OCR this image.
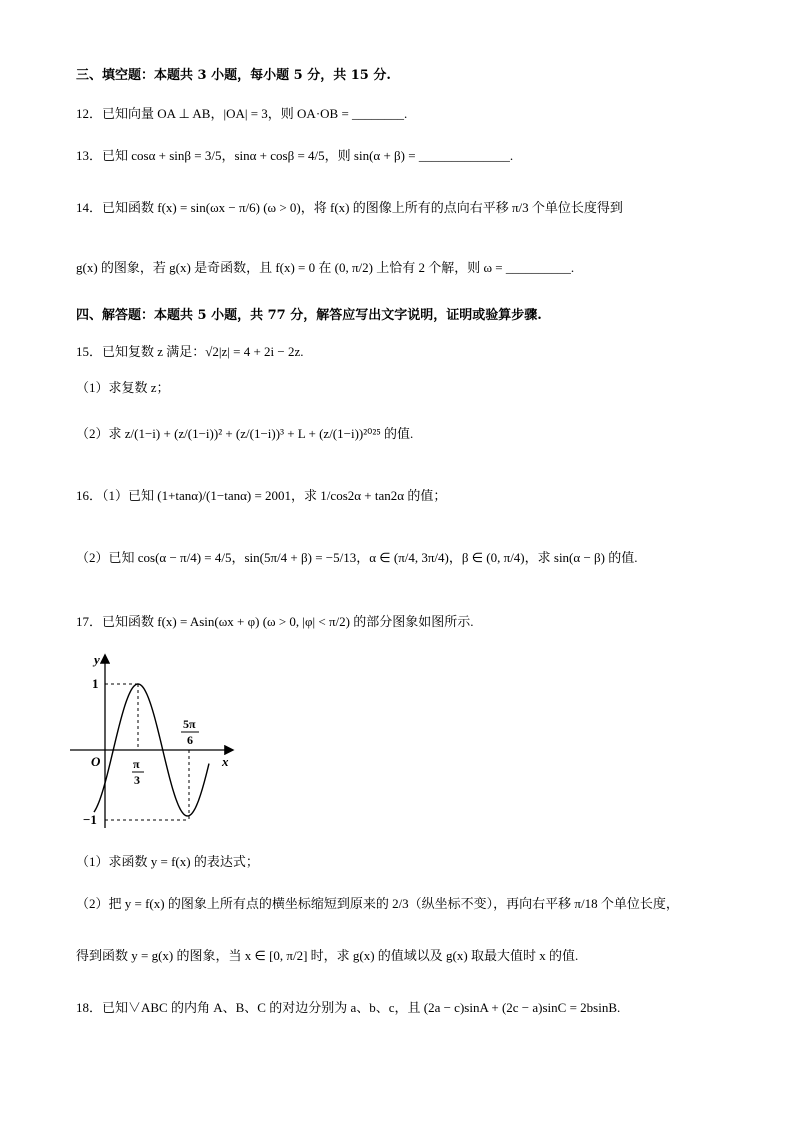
三、填空题：本题共 3 小题，每小题 5 分，共 15 分.
12．已知向量 OA ⊥ AB，|OA| = 3，则 OA·OB = ________.
13．已知 cosα + sinβ = 3/5，sinα + cosβ = 4/5，则 sin(α + β) = ______________.
14．已知函数 f(x) = sin(ωx − π/6) (ω > 0)，将 f(x) 的图像上所有的点向右平移 π/3 个单位长度得到
g(x) 的图象，若 g(x) 是奇函数，且 f(x) = 0 在 (0, π/2) 上恰有 2 个解，则 ω = __________.
四、解答题：本题共 5 小题，共 77 分，解答应写出文字说明，证明或验算步骤.
15．已知复数 z 满足：√2|z| = 4 + 2i − 2z.
（1）求复数 z；
（2）求 z/(1−i) + (z/(1−i))² + (z/(1−i))³ + L + (z/(1−i))²⁰²⁵ 的值.
16．（1）已知 (1+tanα)/(1−tanα) = 2001，求 1/cos2α + tan2α 的值；
（2）已知 cos(α − π/4) = 4/5，sin(5π/4 + β) = −5/13，α ∈ (π/4, 3π/4)，β ∈ (0, π/4)，求 sin(α − β) 的值.
17．已知函数 f(x) = Asin(ωx + φ) (ω > 0, |φ| < π/2) 的部分图象如图所示.
y
x
O
1
−1
π
3
5π
6
（1）求函数 y = f(x) 的表达式；
（2）把 y = f(x) 的图象上所有点的横坐标缩短到原来的 2/3（纵坐标不变），再向右平移 π/18 个单位长度，
得到函数 y = g(x) 的图象，当 x ∈ [0, π/2] 时，求 g(x) 的值域以及 g(x) 取最大值时 x 的值.
18．已知∨ABC 的内角 A、B、C 的对边分别为 a、b、c，且 (2a − c)sinA + (2c − a)sinC = 2bsinB.
